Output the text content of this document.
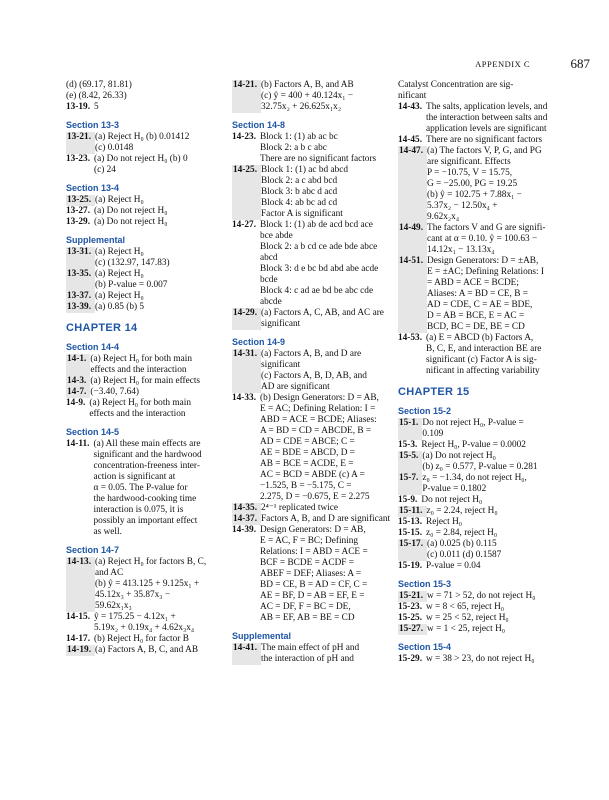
APPENDIX C	687
(d) (69.17, 81.81)
(e) (8.42, 26.33)
13-19. 5
Section 13-3
13-21. (a) Reject H₀ (b) 0.01412
(c) 0.0148
13-23. (a) Do not reject H₀ (b) 0
(c) 24
Section 13-4
13-25. (a) Reject H₀
13-27. (a) Do not reject H₀
13-29. (a) Do not reject H₀
Supplemental
13-31. (a) Reject H₀
(c) (132.97, 147.83)
13-35. (a) Reject H₀
(b) P-value = 0.007
13-37. (a) Reject H₀
13-39. (a) 0.85 (b) 5
CHAPTER 14
Section 14-4
14-1. (a) Reject H₀ for both main
effects and the interaction
14-3. (a) Reject H₀ for main effects
14-7. (−3.40, 7.64)
14-9. (a) Reject H₀ for both main
effects and the interaction
Section 14-5
14-11. (a) All these main effects are
significant and the hardwood
concentration-freeness inter-
action is significant at
α = 0.05. The P-value for
the hardwood-cooking time
interaction is 0.075, it is
possibly an important effect
as well.
Section 14-7
14-13. (a) Reject H₀ for factors B, C,
and AC
(b) ŷ = 413.125 + 9.125x₁ +
45.12x₃ + 35.87x₃ −
59.62x₁x₃
14-15. ŷ = 175.25 − 4.12x₁ +
5.19x₂ + 0.19x₄ + 4.62x₃x₄
14-17. (b) Reject H₀ for factor B
14-19. (a) Factors A, B, C, and AB
14-21. (b) Factors A, B, and AB
(c) ŷ = 400 + 40.124x₁ −
32.75x₂ + 26.625x₁x₂
Section 14-8
14-23. Block 1: (1) ab ac bc
Block 2: a b c abc
There are no significant factors
14-25. Block 1: (1) ac bd abcd
Block 2: a c abd bcd
Block 3: b abc d acd
Block 4: ab bc ad cd
Factor A is significant
14-27. Block 1: (1) ab de acd bcd ace
bce abde
Block 2: a b cd ce ade bde abce
abcd
Block 3: d e bc bd abd abe acde
bcde
Block 4: c ad ae bd be abc cde
abcde
14-29. (a) Factors A, C, AB, and AC are
significant
Section 14-9
14-31. (a) Factors A, B, and D are
significant
(c) Factors A, B, D, AB, and
AD are significant
14-33. (b) Design Generators: D = AB,
E = AC; Defining Relation: I =
ABD = ACE = BCDE; Aliases:
A = BD = CD = ABCDE, B =
AD = CDE = ABCE; C =
AE = BDE = ABCD, D =
AB = BCE = ACDE, E =
AC = BCD = ABDE (c) A =
−1.525, B = −5.175, C =
2.275, D = −0.675, E = 2.275
14-35. 2⁴⁻¹ replicated twice
14-37. Factors A, B, and D are significant
14-39. Design Generators: D = AB,
E = AC, F = BC; Defining
Relations: I = ABD = ACE =
BCF = BCDE = ACDF =
ABEF = DEF; Aliases: A =
BD = CE, B = AD = CF, C =
AE = BF, D = AB = EF, E =
AC = DF, F = BC = DE,
AB = EF, AB = BE = CD
Supplemental
14-41. The main effect of pH and
the interaction of pH and
Catalyst Concentration are sig-
nificant
14-43. The salts, application levels, and
the interaction between salts and
application levels are significant
14-45. There are no significant factors
14-47. (a) The factors V, P, G, and PG
are significant. Effects
P = −10.75, V = 15.75,
G = −25.00, PG = 19.25
(b) ŷ = 102.75 + 7.88x₁ −
5.37x₂ − 12.50x₄ +
9.62x₂x₄
14-49. The factors V and G are signifi-
cant at α = 0.10. ŷ = 100.63 −
14.12x₁ − 13.13x₄
14-51. Design Generators: D = ±AB,
E = ±AC; Defining Relations: I
= ABD = ACE = BCDE;
Aliases: A = BD = CE, B =
AD = CDE, C = AE = BDE,
D = AB = BCE, E = AC =
BCD, BC = DE, BE = CD
14-53. (a) E = ABCD (b) Factors A,
B, C, E, and interaction BE are
significant (c) Factor A is sig-
nificant in affecting variability
CHAPTER 15
Section 15-2
15-1. Do not reject H₀, P-value =
0.109
15-3. Reject H₀, P-value = 0.0002
15-5. (a) Do not reject H₀
(b) z₀ = 0.577, P-value = 0.281
15-7. z₀ = −1.34, do not reject H₀,
P-value = 0.1802
15-9. Do not reject H₀
15-11. z₀ = 2.24, reject H₀
15-13. Reject H₀
15-15. z₀ = 2.84, reject H₀
15-17. (a) 0.025 (b) 0.115
(c) 0.011 (d) 0.1587
15-19. P-value = 0.04
Section 15-3
15-21. w = 71 > 52, do not reject H₀
15-23. w = 8 < 65, reject H₀
15-25. w = 25 < 52, reject H₀
15-27. w = 1 < 25, reject H₀
Section 15-4
15-29. w = 38 > 23, do not reject H₀
